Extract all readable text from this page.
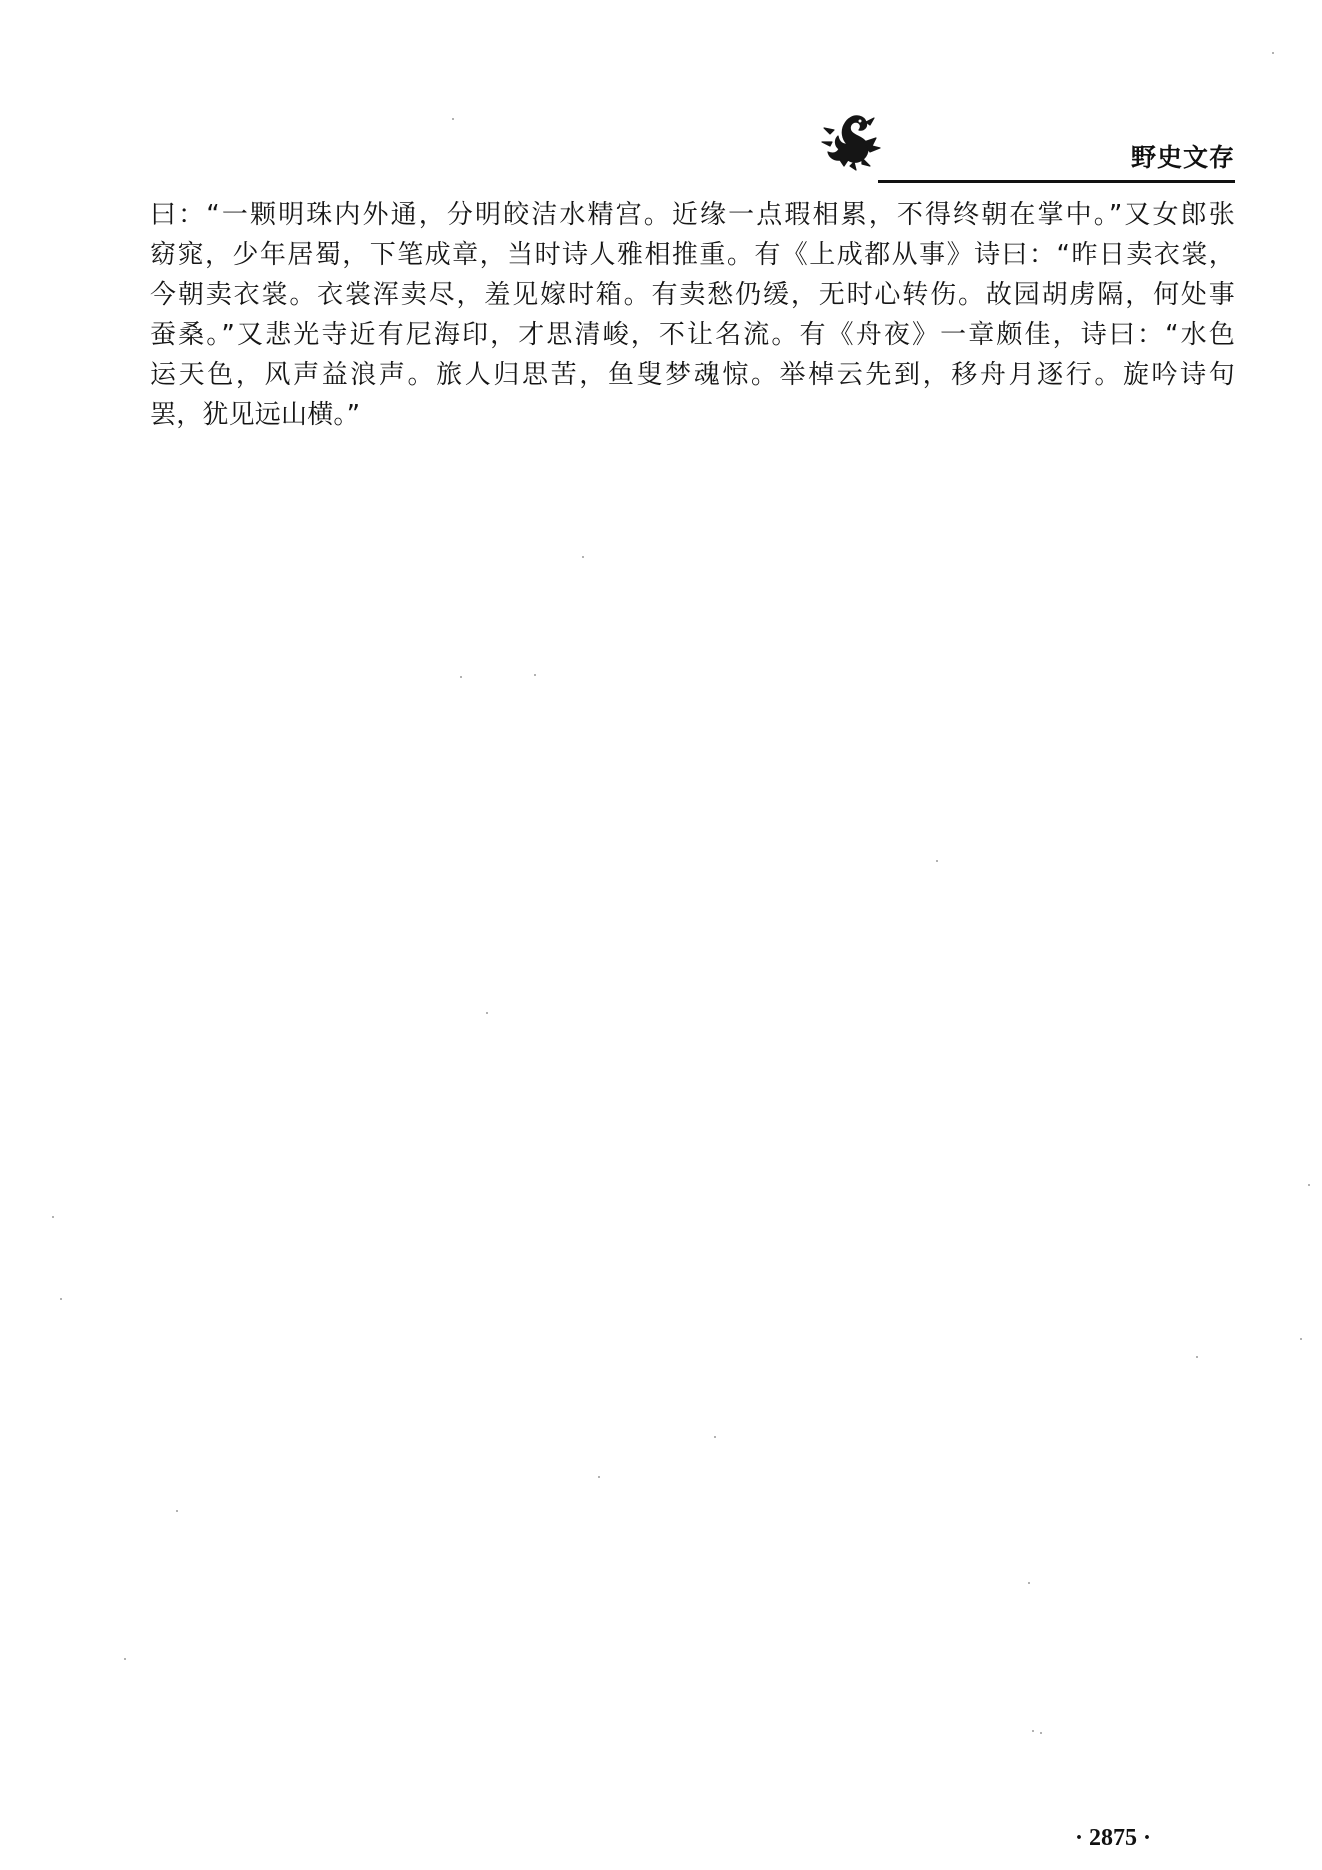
野史文存
曰：“一颗明珠内外通，分明皎洁水精宫。近缘一点瑕相累，不得终朝在掌中。”又女郎张
窈窕，少年居蜀，下笔成章，当时诗人雅相推重。有《上成都从事》诗曰：“昨日卖衣裳，
今朝卖衣裳。衣裳浑卖尽，羞见嫁时箱。有卖愁仍缓，无时心转伤。故园胡虏隔，何处事
蚕桑。”又悲光寺近有尼海印，才思清峻，不让名流。有《舟夜》一章颇佳，诗曰：“水色
运天色，风声益浪声。旅人归思苦，鱼叟梦魂惊。举棹云先到，移舟月逐行。旋吟诗句
罢，犹见远山横。”
· 2875 ·
